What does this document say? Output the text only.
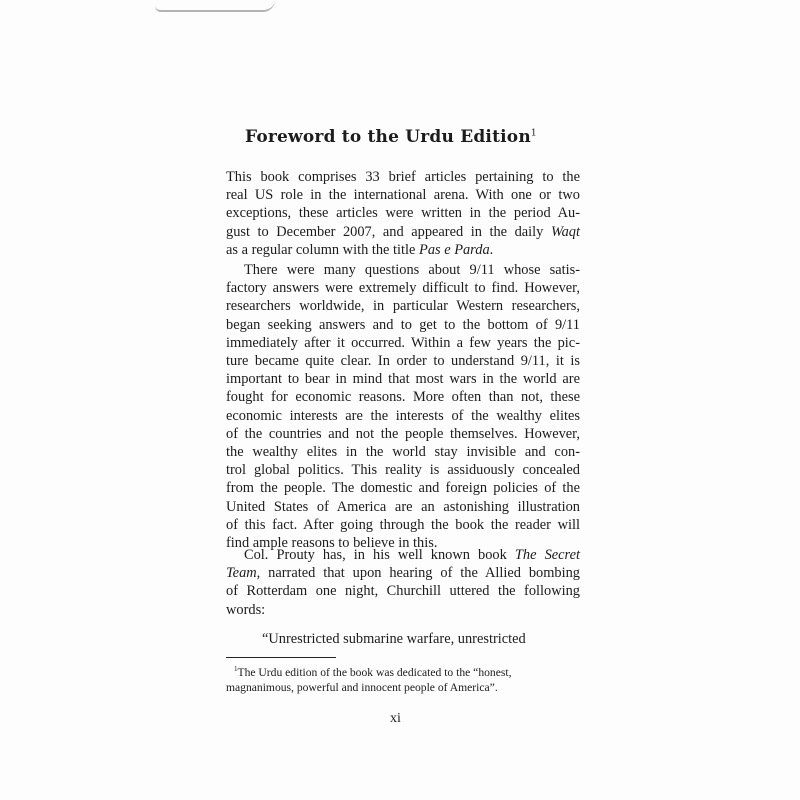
Foreword to the Urdu Edition$^1$

This book comprises 33 brief articles pertaining to the
real US role in the international arena. With one or two
exceptions, these articles were written in the period Au-
gust to December 2007, and appeared in the daily Waqt
as a regular column with the title Pas e Parda.

There were many questions about 9/11 whose satis-
factory answers were extremely difficult to find. However,
researchers worldwide, in particular Western researchers,
began seeking answers and to get to the bottom of 9/11
immediately after it occurred. Within a few years the pic-
ture became quite clear. In order to understand 9/11, it is
important to bear in mind that most wars in the world are
fought for economic reasons. More often than not, these
economic interests are the interests of the wealthy elites
of the countries and not the people themselves. However,
the wealthy elites in the world stay invisible and con-
trol global politics. This reality is assiduously concealed
from the people. The domestic and foreign policies of the
United States of America are an astonishing illustration
of this fact. After going through the book the reader will
find ample reasons to believe in this.

Col. Prouty has, in his well known book The Secret
Team, narrated that upon hearing of the Allied bombing
of Rotterdam one night, Churchill uttered the following
words:

“Unrestricted submarine warfare, unrestricted

$^1$The Urdu edition of the book was dedicated to the “honest,
magnanimous, powerful and innocent people of America”.

xi
